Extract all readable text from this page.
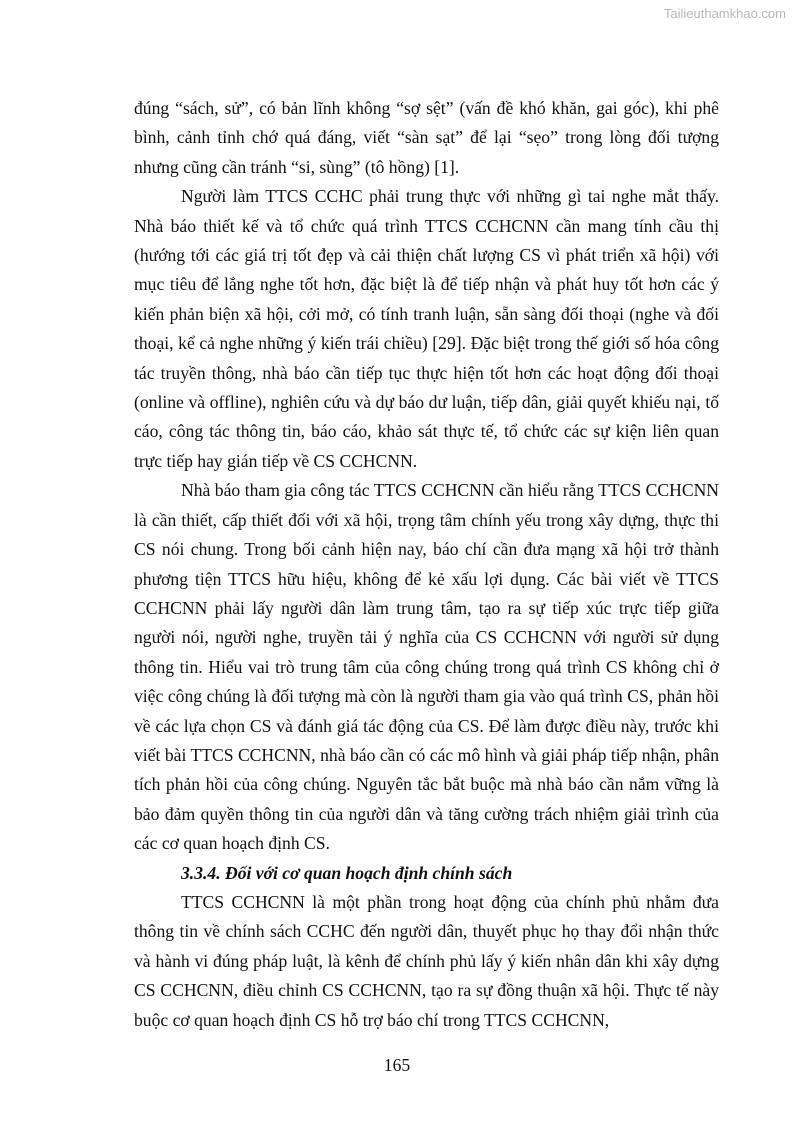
Tailieuthamkhao.com

đúng “sách, sử”, có bản lĩnh không “sợ sệt” (vấn đề khó khăn, gai góc), khi phê bình, cảnh tỉnh chớ quá đáng, viết “sàn sạt” để lại “sẹo” trong lòng đối tượng nhưng cũng cần tránh “si, sùng” (tô hồng) [1].

Người làm TTCS CCHC phải trung thực với những gì tai nghe mắt thấy. Nhà báo thiết kế và tổ chức quá trình TTCS CCHCNN cần mang tính cầu thị (hướng tới các giá trị tốt đẹp và cải thiện chất lượng CS vì phát triển xã hội) với mục tiêu để lắng nghe tốt hơn, đặc biệt là để tiếp nhận và phát huy tốt hơn các ý kiến phản biện xã hội, cởi mở, có tính tranh luận, sẵn sàng đối thoại (nghe và đối thoại, kể cả nghe những ý kiến trái chiều) [29]. Đặc biệt trong thế giới số hóa công tác truyền thông, nhà báo cần tiếp tục thực hiện tốt hơn các hoạt động đối thoại (online và offline), nghiên cứu và dự báo dư luận, tiếp dân, giải quyết khiếu nại, tố cáo, công tác thông tin, báo cáo, khảo sát thực tế, tổ chức các sự kiện liên quan trực tiếp hay gián tiếp về CS CCHCNN.

Nhà báo tham gia công tác TTCS CCHCNN cần hiểu rằng TTCS CCHCNN là cần thiết, cấp thiết đối với xã hội, trọng tâm chính yếu trong xây dựng, thực thi CS nói chung. Trong bối cảnh hiện nay, báo chí cần đưa mạng xã hội trở thành phương tiện TTCS hữu hiệu, không để kẻ xấu lợi dụng. Các bài viết về TTCS CCHCNN phải lấy người dân làm trung tâm, tạo ra sự tiếp xúc trực tiếp giữa người nói, người nghe, truyền tải ý nghĩa của CS CCHCNN với người sử dụng thông tin. Hiểu vai trò trung tâm của công chúng trong quá trình CS không chỉ ở việc công chúng là đối tượng mà còn là người tham gia vào quá trình CS, phản hồi về các lựa chọn CS và đánh giá tác động của CS. Để làm được điều này, trước khi viết bài TTCS CCHCNN, nhà báo cần có các mô hình và giải pháp tiếp nhận, phân tích phản hồi của công chúng. Nguyên tắc bắt buộc mà nhà báo cần nắm vững là bảo đảm quyền thông tin của người dân và tăng cường trách nhiệm giải trình của các cơ quan hoạch định CS.

3.3.4. Đối với cơ quan hoạch định chính sách

TTCS CCHCNN là một phần trong hoạt động của chính phủ nhằm đưa thông tin về chính sách CCHC đến người dân, thuyết phục họ thay đổi nhận thức và hành vi đúng pháp luật, là kênh để chính phủ lấy ý kiến nhân dân khi xây dựng CS CCHCNN, điều chỉnh CS CCHCNN, tạo ra sự đồng thuận xã hội. Thực tế này buộc cơ quan hoạch định CS hỗ trợ báo chí trong TTCS CCHCNN,

165
